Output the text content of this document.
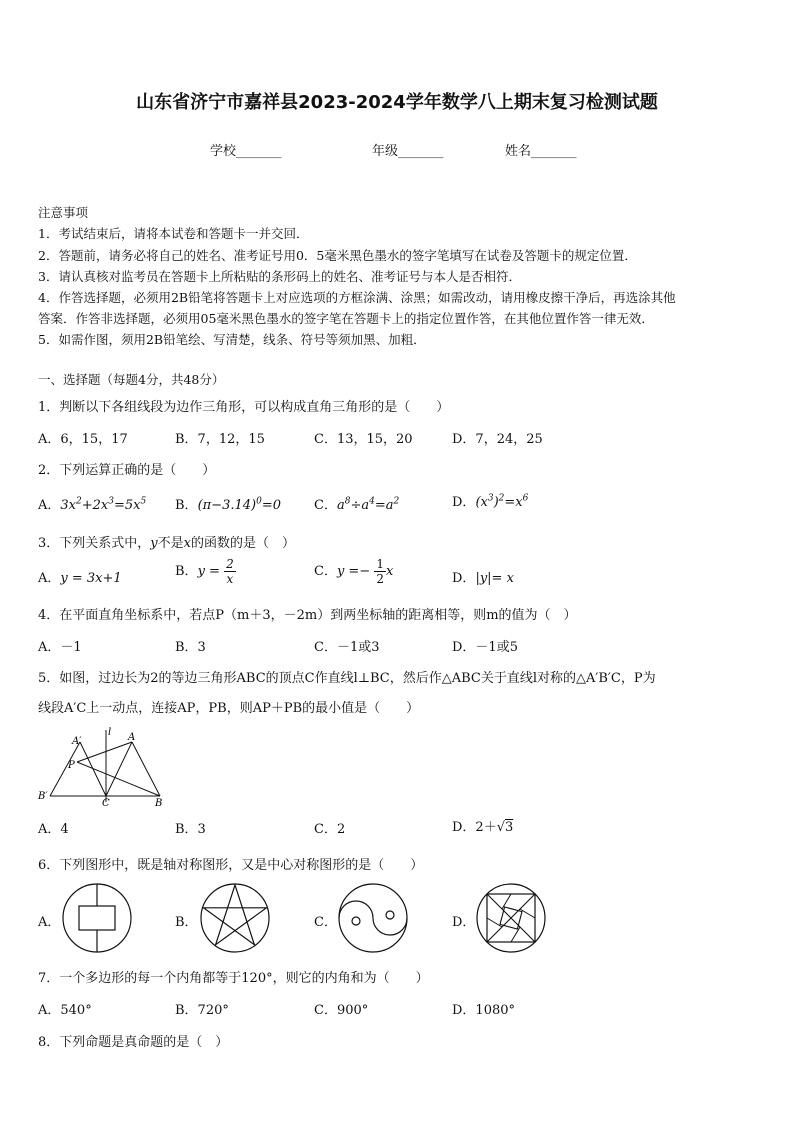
山东省济宁市嘉祥县2023-2024学年数学八上期末复习检测试题
学校_______	年级_______	姓名_______
注意事项
1．考试结束后，请将本试卷和答题卡一并交回．
2．答题前，请务必将自己的姓名、准考证号用0．5毫米黑色墨水的签字笔填写在试卷及答题卡的规定位置．
3．请认真核对监考员在答题卡上所粘贴的条形码上的姓名、准考证号与本人是否相符．
4．作答选择题，必须用2B铅笔将答题卡上对应选项的方框涂满、涂黑；如需改动，请用橡皮擦干净后，再选涂其他
答案．作答非选择题，必须用05毫米黑色墨水的签字笔在答题卡上的指定位置作答，在其他位置作答一律无效．
5．如需作图，须用2B铅笔绘、写清楚，线条、符号等须加黑、加粗．
一、选择题（每题4分，共48分）
1．判断以下各组线段为边作三角形，可以构成直角三角形的是（　　）
A．6，15，17	B．7，12，15	C．13，15，20	D．7，24，25
2．下列运算正确的是（　　）
A．$3x^2+2x^3=5x^5$ B．$(\pi-3.14)^0=0$	C．$a^8\div a^4=a^2$	D．$(x^3)^2=x^6$
3．下列关系式中，y不是x的函数的是（　）
A．y = 3x+1	B．$y = \frac{2}{x}$	C．$y =- \frac{1}{2}$ x	D．|y|= x
4．在平面直角坐标系中，若点P（m＋3，－2m）到两坐标轴的距离相等，则m的值为（　）
A．－1	B．3	C．－1或3	D．－1或5
5．如图，过边长为2的等边三角形ABC的顶点C作直线l⊥BC，然后作△ABC关于直线l对称的△A′B′C，P为
线段A′C上一动点，连接AP，PB，则AP＋PB的最小值是（　　）
A′
l A
P
B′
C	B
A．4	B．3	C．2	D．2＋√3
6．下列图形中，既是轴对称图形，又是中心对称图形的是（　　）
A．	B．	C．	D．
7．一个多边形的每一个内角都等于120°，则它的内角和为（　　）
A．540°	B．720°	C．900°	D．1080°
8．下列命题是真命题的是（　）
